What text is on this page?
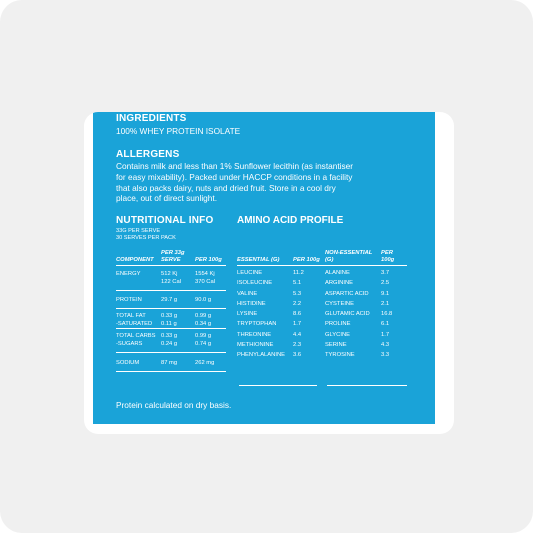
INGREDIENTS
100% WHEY PROTEIN ISOLATE
ALLERGENS
Contains milk and less than 1% Sunflower lecithin (as instantiser
for easy mixability). Packed under HACCP conditions in a facility
that also packs dairy, nuts and dried fruit. Store in a cool dry
place, out of direct sunlight.
NUTRITIONAL INFO
33G PER SERVE
30 SERVES PER PACK
COMPONENT	PER 33g SERVE	PER 100g

ENERGY	512 Kj	1554 Kj
	122 Cal	370 Cal

PROTEIN	29.7 g	90.0 g

TOTAL FAT	0.33 g	0.99 g
-SATURATED	0.11 g	0.34 g
TOTAL CARBS	0.33 g	0.99 g
-SUGARS	0.24 g	0.74 g

SODIUM	87 mg	262 mg
AMINO ACID PROFILE
ESSENTIAL (G)	PER 100g	NON-ESSENTIAL (G)	PER 100g

LEUCINE	11.2	ALANINE	3.7
ISOLEUCINE	5.1	ARGININE	2.5
VALINE	5.3	ASPARTIC ACID	9.1
HISTIDINE	2.2	CYSTEINE	2.1
LYSINE	8.6	GLUTAMIC ACID	16.8
TRYPTOPHAN	1.7	PROLINE	6.1
THREONINE	4.4	GLYCINE	1.7
METHIONINE	2.3	SERINE	4.3
PHENYLALANINE	3.6	TYROSINE	3.3
Protein calculated on dry basis.
